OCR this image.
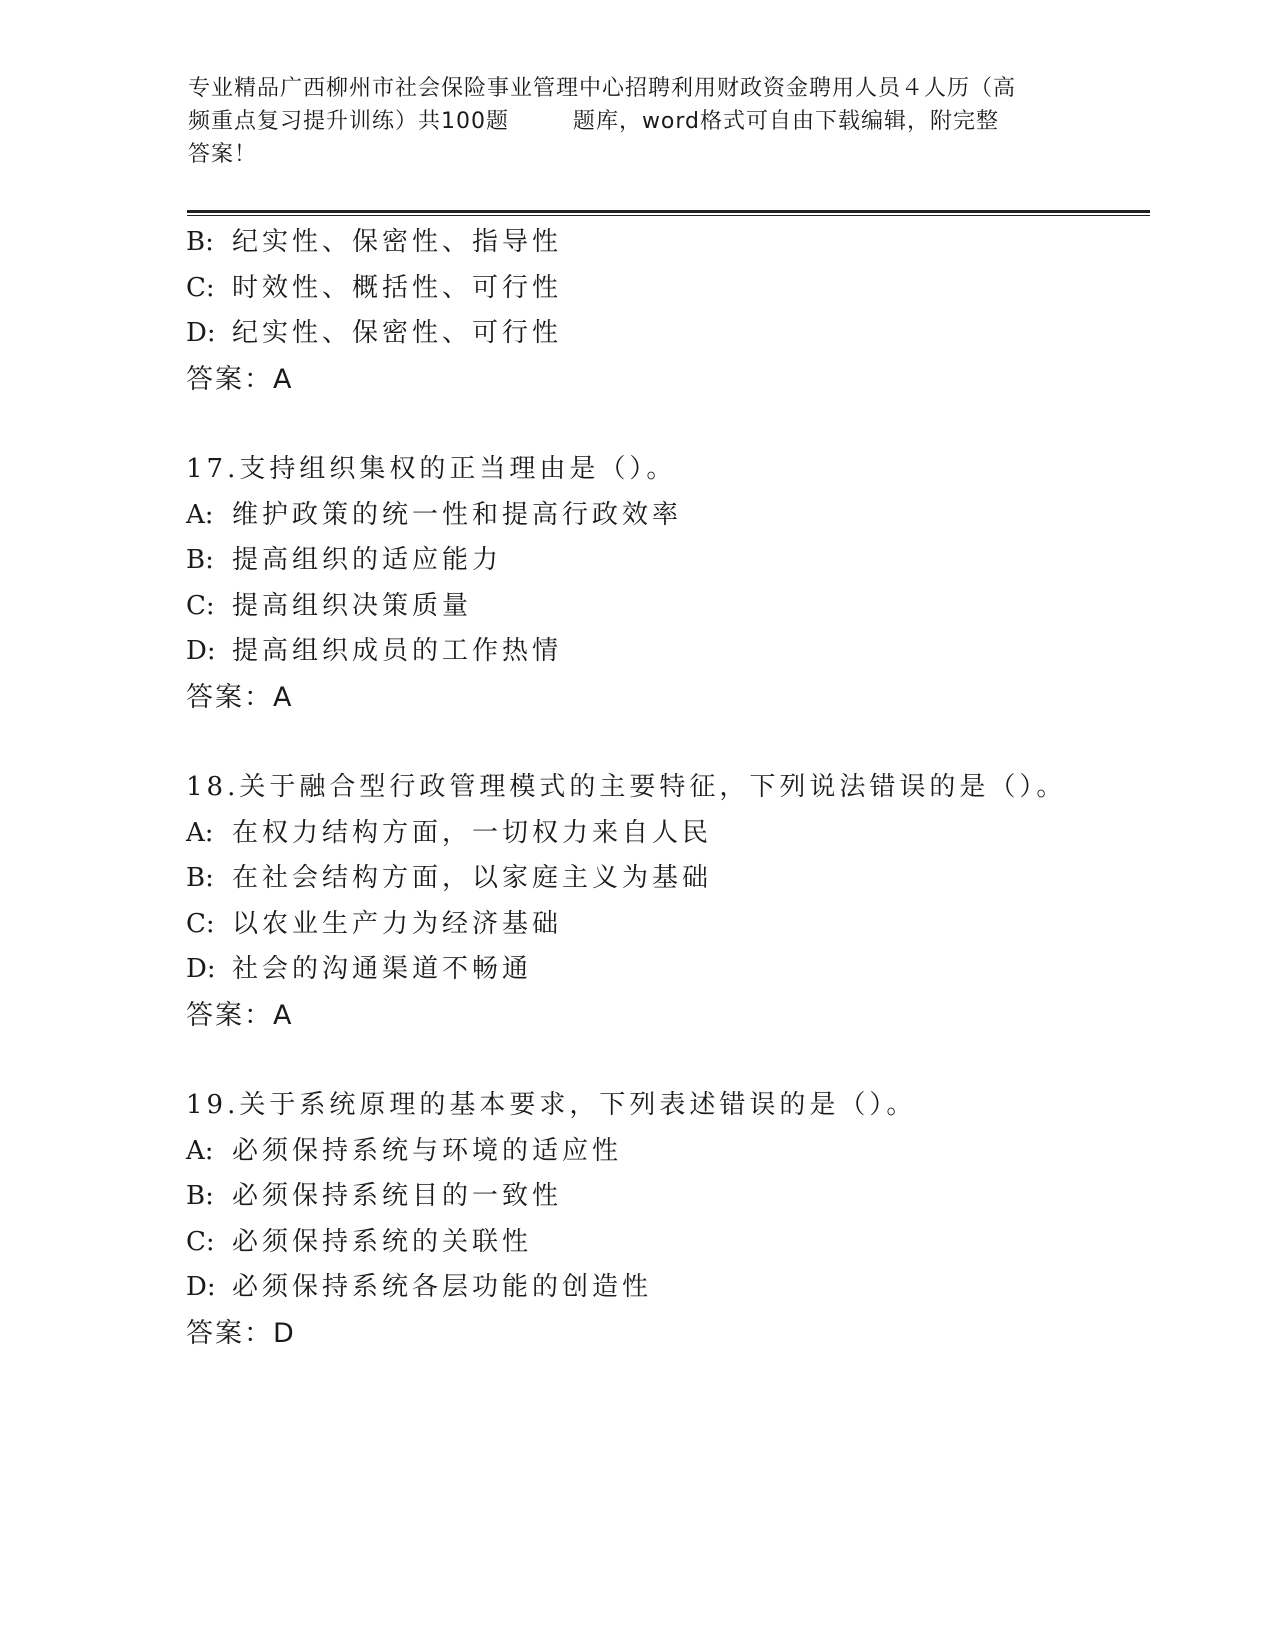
专业精品广西柳州市社会保险事业管理中心招聘利用财政资金聘用人员４人历（高
频重点复习提升训练）共100题        题库，word格式可自由下载编辑，附完整
答案！
B: 纪实性、保密性、指导性
C: 时效性、概括性、可行性
D: 纪实性、保密性、可行性
答案：A
17.支持组织集权的正当理由是（）。
A: 维护政策的统一性和提高行政效率
B: 提高组织的适应能力
C: 提高组织决策质量
D: 提高组织成员的工作热情
答案：A
18.关于融合型行政管理模式的主要特征，下列说法错误的是（）。
A: 在权力结构方面，一切权力来自人民
B: 在社会结构方面，以家庭主义为基础
C: 以农业生产力为经济基础
D: 社会的沟通渠道不畅通
答案：A
19.关于系统原理的基本要求，下列表述错误的是（）。
A: 必须保持系统与环境的适应性
B: 必须保持系统目的一致性
C: 必须保持系统的关联性
D: 必须保持系统各层功能的创造性
答案：D
